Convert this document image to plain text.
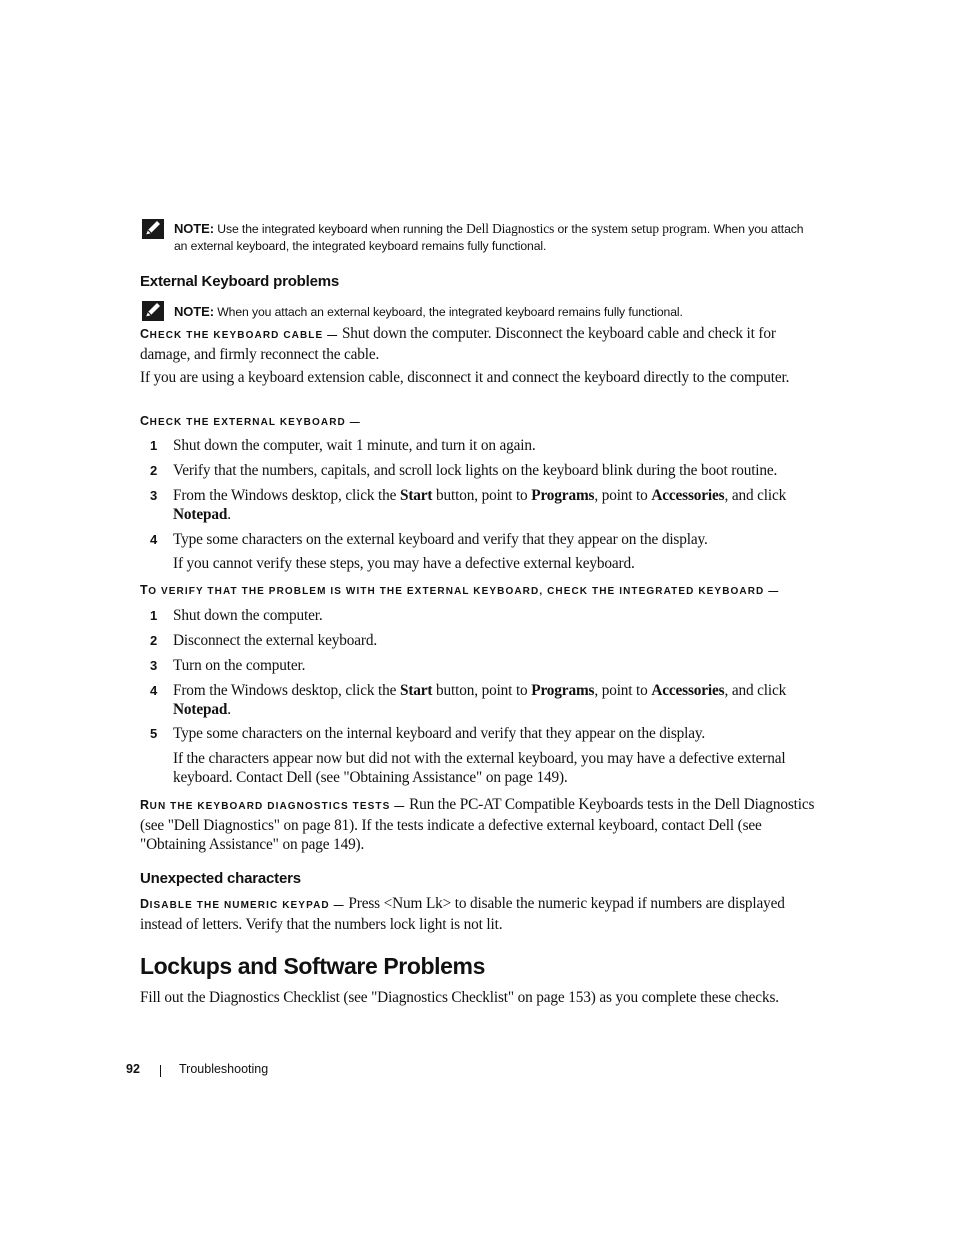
NOTE: Use the integrated keyboard when running the Dell Diagnostics or the system setup program. When you attach an external keyboard, the integrated keyboard remains fully functional.
External Keyboard problems
NOTE: When you attach an external keyboard, the integrated keyboard remains fully functional.
CHECK THE KEYBOARD CABLE — Shut down the computer. Disconnect the keyboard cable and check it for damage, and firmly reconnect the cable.
If you are using a keyboard extension cable, disconnect it and connect the keyboard directly to the computer.
CHECK THE EXTERNAL KEYBOARD —
1 Shut down the computer, wait 1 minute, and turn it on again.
2 Verify that the numbers, capitals, and scroll lock lights on the keyboard blink during the boot routine.
3 From the Windows desktop, click the Start button, point to Programs, point to Accessories, and click Notepad.
4 Type some characters on the external keyboard and verify that they appear on the display.
If you cannot verify these steps, you may have a defective external keyboard.
TO VERIFY THAT THE PROBLEM IS WITH THE EXTERNAL KEYBOARD, CHECK THE INTEGRATED KEYBOARD —
1 Shut down the computer.
2 Disconnect the external keyboard.
3 Turn on the computer.
4 From the Windows desktop, click the Start button, point to Programs, point to Accessories, and click Notepad.
5 Type some characters on the internal keyboard and verify that they appear on the display.
If the characters appear now but did not with the external keyboard, you may have a defective external keyboard. Contact Dell (see "Obtaining Assistance" on page 149).
RUN THE KEYBOARD DIAGNOSTICS TESTS — Run the PC-AT Compatible Keyboards tests in the Dell Diagnostics (see "Dell Diagnostics" on page 81). If the tests indicate a defective external keyboard, contact Dell (see "Obtaining Assistance" on page 149).
Unexpected characters
DISABLE THE NUMERIC KEYPAD — Press <Num Lk> to disable the numeric keypad if numbers are displayed instead of letters. Verify that the numbers lock light is not lit.
Lockups and Software Problems
Fill out the Diagnostics Checklist (see "Diagnostics Checklist" on page 153) as you complete these checks.
92	Troubleshooting
